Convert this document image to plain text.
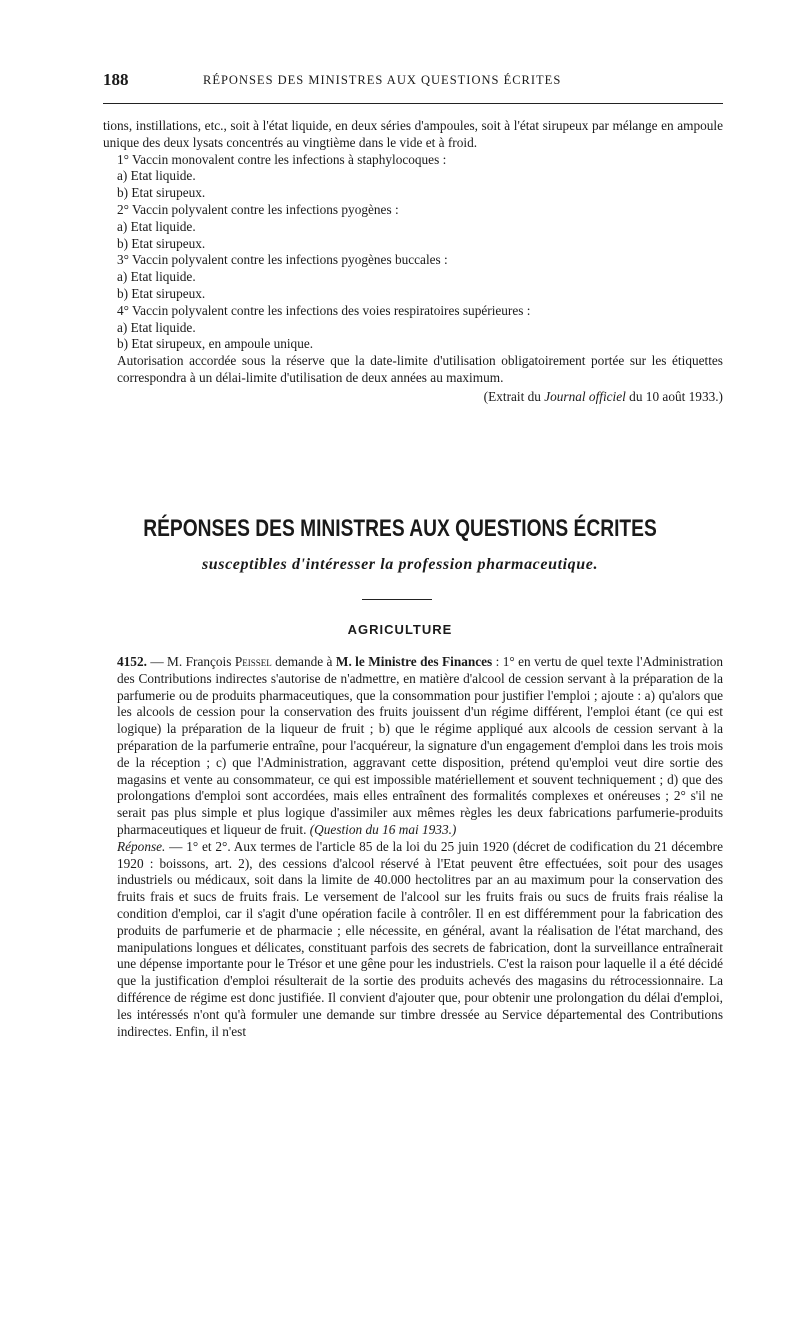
188	RÉPONSES DES MINISTRES AUX QUESTIONS ÉCRITES

tions, instillations, etc., soit à l'état liquide, en deux séries d'ampoules, soit à l'état sirupeux par mélange en ampoule unique des deux lysats concentrés au vingtième dans le vide et à froid.

1° Vaccin monovalent contre les infections à staphylocoques :

a) Etat liquide.

b) Etat sirupeux.

2° Vaccin polyvalent contre les infections pyogènes :

a) Etat liquide.

b) Etat sirupeux.

3° Vaccin polyvalent contre les infections pyogènes buccales :

a) Etat liquide.

b) Etat sirupeux.

4° Vaccin polyvalent contre les infections des voies respiratoires supérieures :

a) Etat liquide.

b) Etat sirupeux, en ampoule unique.

Autorisation accordée sous la réserve que la date-limite d'utilisation obligatoirement portée sur les étiquettes correspondra à un délai-limite d'utilisation de deux années au maximum.

(Extrait du Journal officiel du 10 août 1933.)

RÉPONSES DES MINISTRES AUX QUESTIONS ÉCRITES
susceptibles d'intéresser la profession pharmaceutique.
AGRICULTURE

4152. — M. François Peissel demande à M. le Ministre des Finances : 1° en vertu de quel texte l'Administration des Contributions indirectes s'autorise de n'admettre, en matière d'alcool de cession servant à la préparation de la parfumerie ou de produits pharmaceutiques, que la consommation pour justifier l'emploi ; ajoute : a) qu'alors que les alcools de cession pour la conservation des fruits jouissent d'un régime différent, l'emploi étant (ce qui est logique) la préparation de la liqueur de fruit ; b) que le régime appliqué aux alcools de cession servant à la préparation de la parfumerie entraîne, pour l'acquéreur, la signature d'un engagement d'emploi dans les trois mois de la réception ; c) que l'Administration, aggravant cette disposition, prétend qu'emploi veut dire sortie des magasins et vente au consommateur, ce qui est impossible matériellement et souvent techniquement ; d) que des prolongations d'emploi sont accordées, mais elles entraînent des formalités complexes et onéreuses ; 2° s'il ne serait pas plus simple et plus logique d'assimiler aux mêmes règles les deux fabrications parfumerie-produits pharmaceutiques et liqueur de fruit. (Question du 16 mai 1933.)

Réponse. — 1° et 2°. Aux termes de l'article 85 de la loi du 25 juin 1920 (décret de codification du 21 décembre 1920 : boissons, art. 2), des cessions d'alcool réservé à l'Etat peuvent être effectuées, soit pour des usages industriels ou médicaux, soit dans la limite de 40.000 hectolitres par an au maximum pour la conservation des fruits frais et sucs de fruits frais. Le versement de l'alcool sur les fruits frais ou sucs de fruits frais réalise la condition d'emploi, car il s'agit d'une opération facile à contrôler. Il en est différemment pour la fabrication des produits de parfumerie et de pharmacie ; elle nécessite, en général, avant la réalisation de l'état marchand, des manipulations longues et délicates, constituant parfois des secrets de fabrication, dont la surveillance entraînerait une dépense importante pour le Trésor et une gêne pour les industriels. C'est la raison pour laquelle il a été décidé que la justification d'emploi résulterait de la sortie des produits achevés des magasins du rétrocessionnaire. La différence de régime est donc justifiée. Il convient d'ajouter que, pour obtenir une prolongation du délai d'emploi, les intéressés n'ont qu'à formuler une demande sur timbre dressée au Service départemental des Contributions indirectes. Enfin, il n'est
